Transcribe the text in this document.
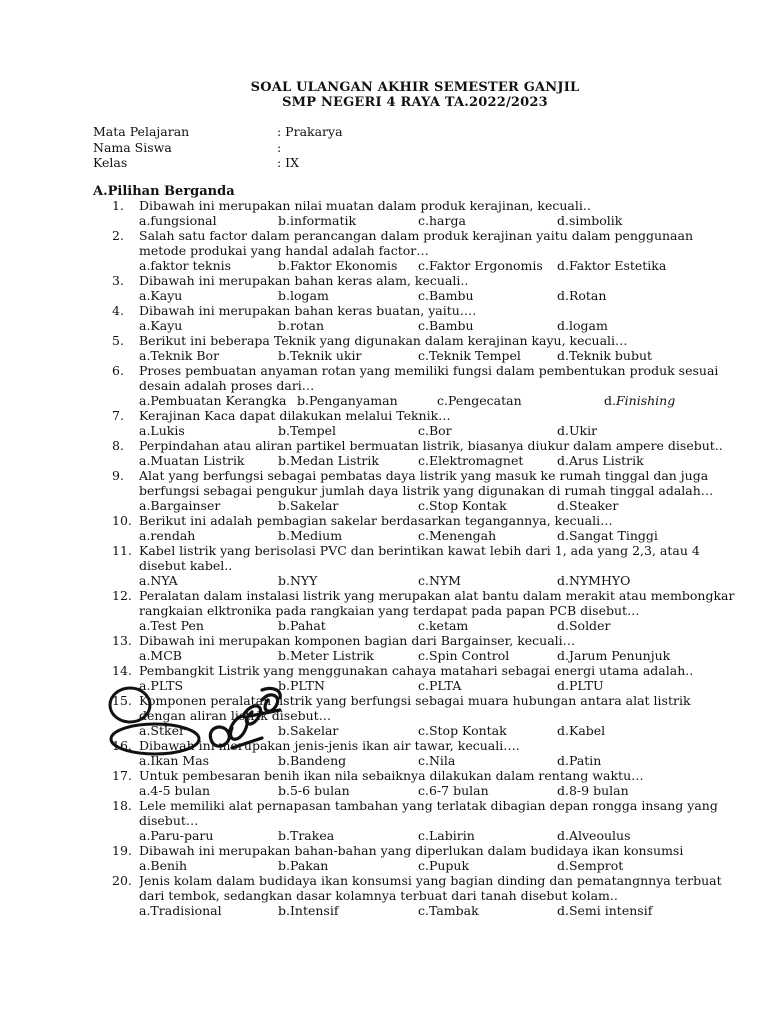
SOAL ULANGAN AKHIR SEMESTER GANJIL
SMP NEGERI 4 RAYA TA.2022/2023
Mata Pelajaran	: Prakarya
Nama Siswa	:
Kelas	: IX
A.Pilihan Berganda
1.	Dibawah ini merupakan nilai muatan dalam produk kerajinan, kecuali..
a.fungsional	b.informatik	c.harga	d.simbolik
2.	Salah satu factor dalam perancangan dalam produk kerajinan yaitu dalam penggunaan metode produkai yang handal adalah factor…
a.faktor teknis	b.Faktor Ekonomis c.Faktor Ergonomis d.Faktor Estetika
3.	Dibawah ini merupakan bahan keras alam, kecuali..
a.Kayu	b.logam	c.Bambu	d.Rotan
4.	Dibawah ini merupakan bahan keras buatan, yaitu….
a.Kayu	b.rotan	c.Bambu	d.logam
5.	Berikut ini beberapa Teknik yang digunakan dalam kerajinan kayu, kecuali…
a.Teknik Bor	b.Teknik ukir	c.Teknik Tempel	d.Teknik bubut
6.	Proses pembuatan anyaman rotan yang memiliki fungsi dalam pembentukan produk sesuai desain adalah proses dari…
a.Pembuatan Kerangka b.Penganyaman	c.Pengecatan	d.Finishing
7.	Kerajinan Kaca dapat dilakukan melalui Teknik…
a.Lukis	b.Tempel	c.Bor	d.Ukir
8.	Perpindahan atau aliran partikel bermuatan listrik, biasanya diukur dalam ampere disebut..
a.Muatan Listrik	b.Medan Listrik	c.Elektromagnet	d.Arus Listrik
9.	Alat yang berfungsi sebagai pembatas daya listrik yang masuk ke rumah tinggal dan juga berfungsi sebagai pengukur jumlah daya listrik yang digunakan di rumah tinggal adalah…
a.Bargainser	b.Sakelar	c.Stop Kontak	d.Steaker
10. Berikut ini adalah pembagian sakelar berdasarkan tegangannya, kecuali…
a.rendah	b.Medium	c.Menengah	d.Sangat Tinggi
11. Kabel listrik yang berisolasi PVC dan berintikan kawat lebih dari 1, ada yang 2,3, atau 4 disebut kabel..
a.NYA	b.NYY	c.NYM	d.NYMHYO
12. Peralatan dalam instalasi listrik yang merupakan alat bantu dalam merakit atau membongkar rangkaian elktronika pada rangkaian yang terdapat pada papan PCB disebut…
a.Test Pen	b.Pahat	c.ketam	d.Solder
13. Dibawah ini merupakan komponen bagian dari Bargainser, kecuali…
a.MCB	b.Meter Listrik	c.Spin Control	d.Jarum Penunjuk
14. Pembangkit Listrik yang menggunakan cahaya matahari sebagai energi utama adalah..
a.PLTS	b.PLTN	c.PLTA	d.PLTU
15. Komponen peralatan listrik yang berfungsi sebagai muara hubungan antara alat listrik dengan aliran listrik disebut…
a.Stker	b.Sakelar	c.Stop Kontak	d.Kabel
16. Dibawah ini merupakan jenis-jenis ikan air tawar, kecuali….
a.Ikan Mas	b.Bandeng	c.Nila	d.Patin
17. Untuk pembesaran benih ikan nila sebaiknya dilakukan dalam rentang waktu…
a.4-5 bulan	b.5-6 bulan	c.6-7 bulan	d.8-9 bulan
18. Lele memiliki alat pernapasan tambahan yang terlatak dibagian depan rongga insang yang disebut…
a.Paru-paru	b.Trakea	c.Labirin	d.Alveoulus
19. Dibawah ini merupakan bahan-bahan yang diperlukan dalam budidaya ikan konsumsi
a.Benih	b.Pakan	c.Pupuk	d.Semprot
20. Jenis kolam dalam budidaya ikan konsumsi yang bagian dinding dan pematangnnya terbuat dari tembok, sedangkan dasar kolamnya terbuat dari tanah disebut kolam..
a.Tradisional	b.Intensif	c.Tambak	d.Semi intensif
